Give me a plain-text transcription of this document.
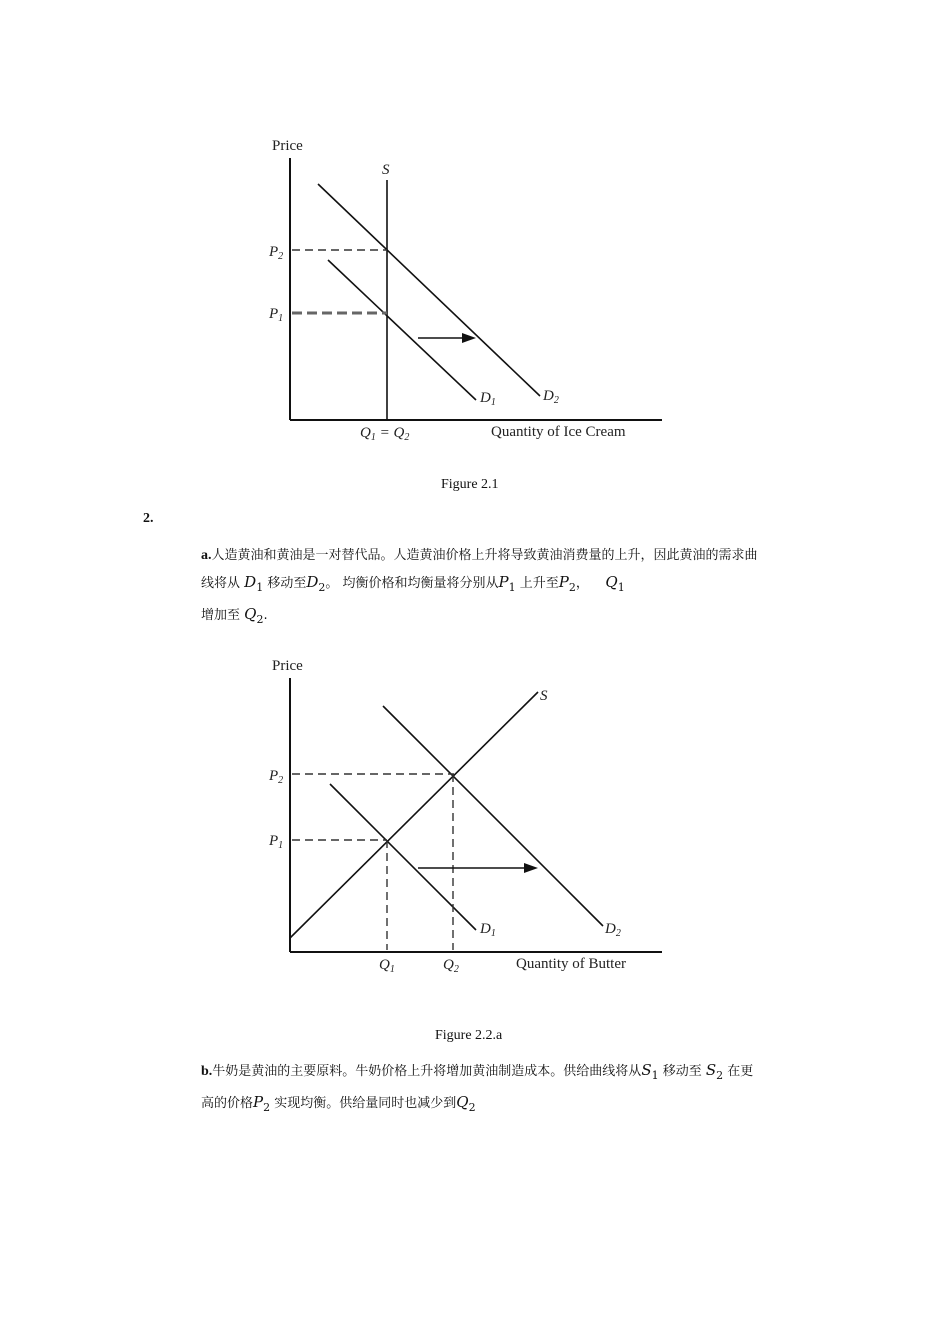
Price
S
$P_2$
$P_1$
$D_1$	$D_2$
$Q_1 = Q_2$	Quantity of Ice Cream
Figure 2.1
2.
a.人造黄油和黄油是一对替代品。人造黄油价格上升将导致黄油消费量的上升，因此黄油的需求曲线将从 $D_1$ 移动至$D_2$。 均衡价格和均衡量将分别从$P_1$ 上升至$P_2$，    $Q_1$
增加至 $Q_2$.
Price
S
$P_2$
$P_1$
$D_1$	$D_2$
$Q_1$	$Q_2$	Quantity of Butter
Figure 2.2.a
b.牛奶是黄油的主要原料。牛奶价格上升将增加黄油制造成本。供给曲线将从$S_1$ 移动至 $S_2$ 在更高的价格$P_2$ 实现均衡。供给量同时也减少到$Q_2$
